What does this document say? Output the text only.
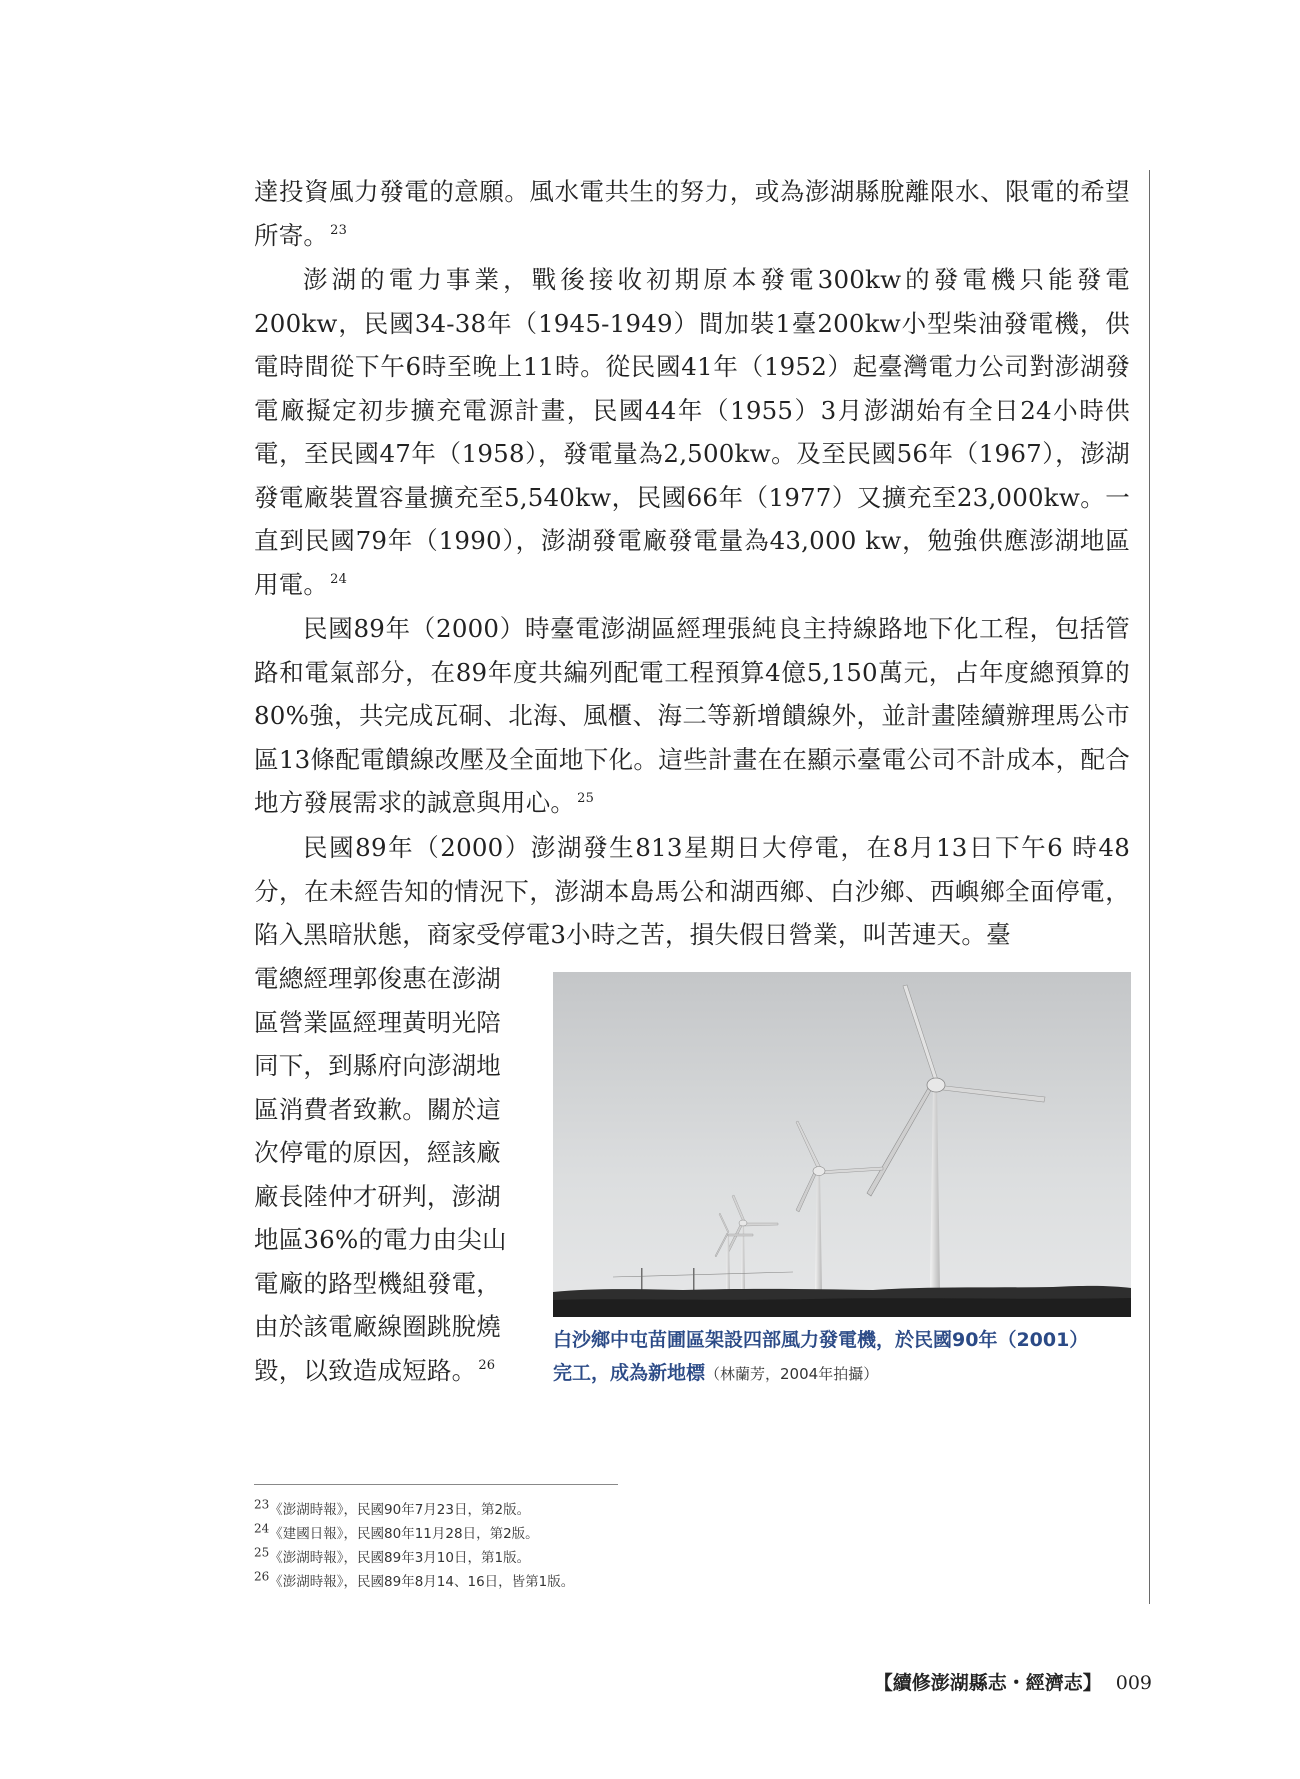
達投資風力發電的意願。風水電共生的努力，或為澎湖縣脫離限水、限電的希望所寄。 $^{23}$

澎湖的電力事業，戰後接收初期原本發電300kw的發電機只能發電200kw，民國34-38年（1945-1949）間加裝1臺200kw小型柴油發電機，供電時間從下午6時至晚上11時。從民國41年（1952）起臺灣電力公司對澎湖發電廠擬定初步擴充電源計畫，民國44年（1955）3月澎湖始有全日24小時供電，至民國47年（1958），發電量為2,500kw。及至民國56年（1967），澎湖發電廠裝置容量擴充至5,540kw，民國66年（1977）又擴充至23,000kw。一直到民國79年（1990），澎湖發電廠發電量為43,000 kw，勉強供應澎湖地區用電。 $^{24}$

民國89年（2000）時臺電澎湖區經理張純良主持線路地下化工程，包括管路和電氣部分，在89年度共編列配電工程預算4億5,150萬元，占年度總預算的80%強，共完成瓦硐、北海、風櫃、海二等新增饋線外，並計畫陸續辦理馬公市區13條配電饋線改壓及全面地下化。這些計畫在在顯示臺電公司不計成本，配合地方發展需求的誠意與用心。 $^{25}$

民國89年（2000）澎湖發生813星期日大停電，在8月13日下午6 時48分，在未經告知的情況下，澎湖本島馬公和湖西鄉、白沙鄉、西嶼鄉全面停電，陷入黑暗狀態，商家受停電3小時之苦，損失假日營業，叫苦連天。臺

電總經理郭俊惠在澎湖
區營業區經理黃明光陪
同下，到縣府向澎湖地
區消費者致歉。關於這
次停電的原因，經該廠
廠長陸仲才研判，澎湖
地區36%的電力由尖山
電廠的路型機組發電，
由於該電廠線圈跳脫燒
毀，以致造成短路。 $^{26}$
白沙鄉中屯苗圃區架設四部風力發電機，於民國90年（2001）
完工，成為新地標（林蘭芳，2004年拍攝）
23《澎湖時報》，民國90年7月23日，第2版。
24《建國日報》，民國80年11月28日，第2版。
25《澎湖時報》，民國89年3月10日，第1版。
26《澎湖時報》，民國89年8月14、16日，皆第1版。
【續修澎湖縣志・經濟志】 009
